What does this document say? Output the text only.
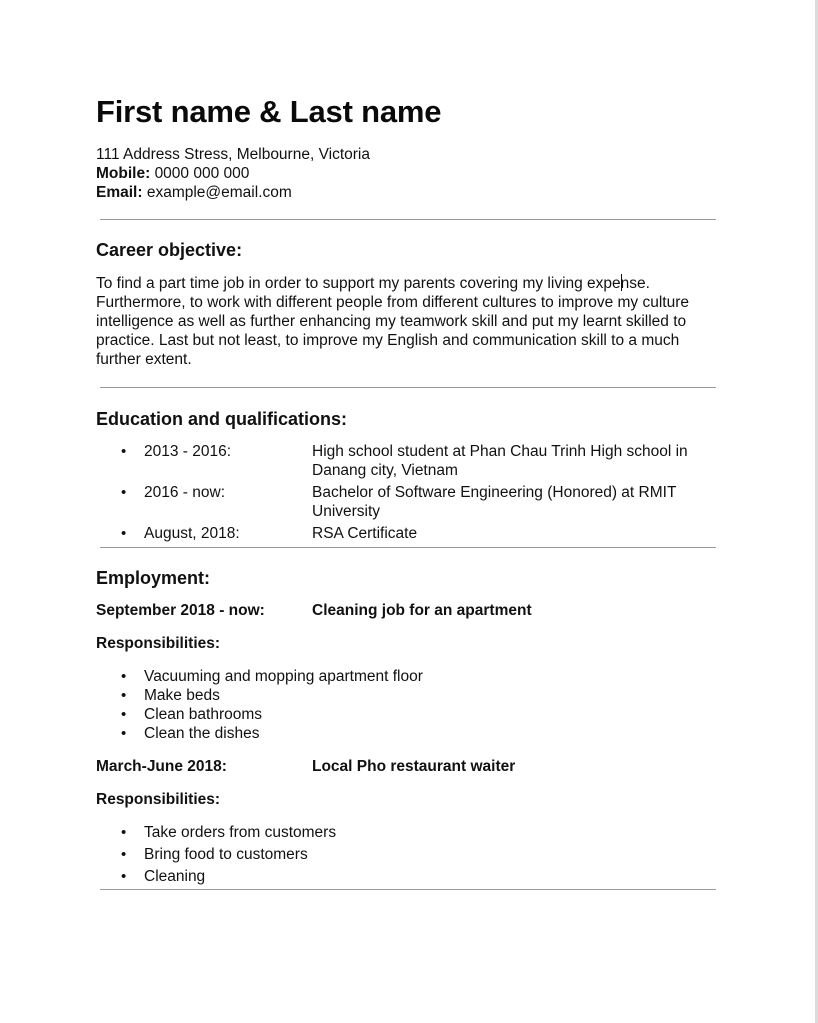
First name & Last name
111 Address Stress, Melbourne, Victoria
Mobile: 0000 000 000
Email: example@email.com
Career objective:

To find a part time job in order to support my parents covering my living expense. Furthermore, to work with different people from different cultures to improve my culture intelligence as well as further enhancing my teamwork skill and put my learnt skilled to practice. Last but not least, to improve my English and communication skill to a much further extent.

Education and qualifications:
• 2013 - 2016:	High school student at Phan Chau Trinh High school in Danang city, Vietnam
• 2016 - now:	Bachelor of Software Engineering (Honored) at RMIT University
• August, 2018:	RSA Certificate
Employment:
September 2018 - now:	Cleaning job for an apartment
Responsibilities:
• Vacuuming and mopping apartment floor
• Make beds
• Clean bathrooms
• Clean the dishes
March-June 2018:	Local Pho restaurant waiter
Responsibilities:
• Take orders from customers
• Bring food to customers
• Cleaning
